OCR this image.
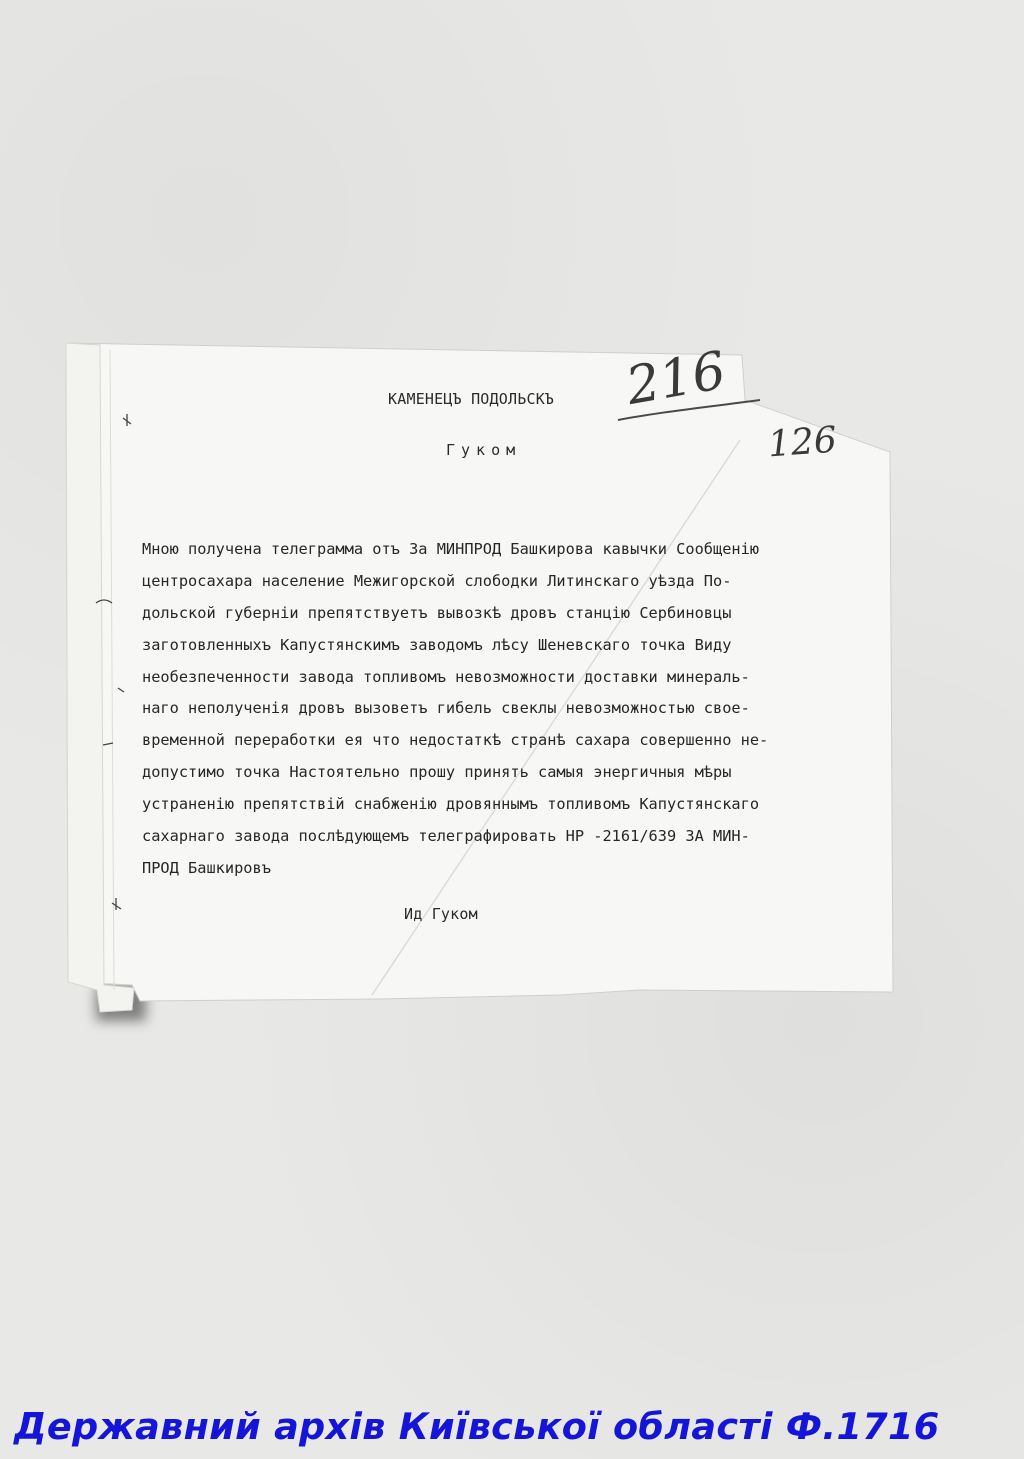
КАМЕНЕЦЪ ПОДОЛЬСКЪ
Гуком
216
126
Мною получена телеграмма отъ За МИНПРОД Башкирова кавычки Сообщенію
центросахара население Межигорской слободки Литинскаго уѣзда По-
дольской губерніи препятствуетъ вывозкѣ дровъ станцію Сербиновцы
заготовленныхъ Капустянскимъ заводомъ лѣсу Шеневскаго точка Виду
необезпеченности завода топливомъ невозможности доставки минераль-
наго неполученія дровъ вызоветъ гибель свеклы невозможностью свое-
временной переработки ея что недостаткѣ странѣ сахара совершенно не-
допустимо точка Настоятельно прошу принять самыя энергичныя мѣры
устраненію препятствій снабженію дровяннымъ топливомъ Капустянскаго
сахарнаго завода послѣдующемъ телеграфировать НР -2161/639 ЗА МИН-
ПРОД Башкировъ
Ид Гуком
Державний архів Київської області Ф.1716
